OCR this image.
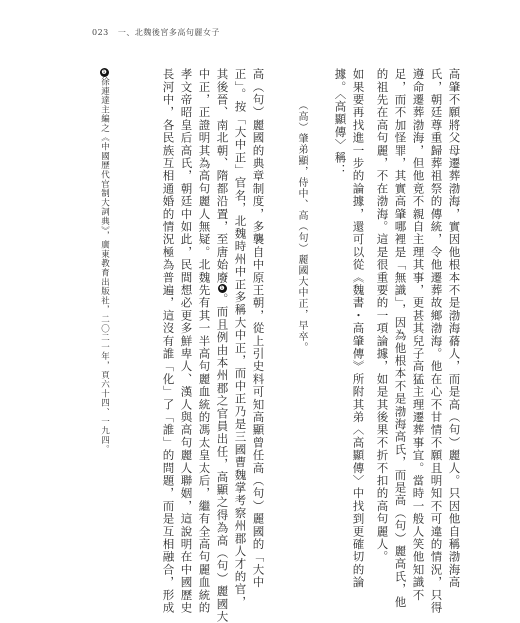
023 一、北魏後宮多高句麗女子
高肇不願將父母遷葬渤海，實因他根本不是渤海蓨人，而是高（句）麗人。只因他自稱渤海高
氏，朝廷尊重歸葬祖祭的傳統，令他遷葬故鄉渤海。他在心不甘情不願且明知不可違的情況，只得
遵命遷葬渤海，但他竟不親自主理其事，更甚其兒子高猛主理遷葬事宜。當時一般人笑他知識不
足，而不加怪罪，其實高肇哪裡是「無識」，因為他根本不是渤海高氏，而是高（句）麗高氏，他
的祖先在高句麗，不在渤海。這是很重要的一項論據，如是其後果不折不扣的高句麗人。
如果要再找進一步的論據，還可以從《魏書・高肇傳》所附其弟〈高顯傳〉中找到更確切的論
據。〈高顯傳〉稱：
（高）肇弟顯，侍中、高（句）麗國大中正，早卒。
高（句）麗國的典章制度，多襲自中原王朝，從上引史料可知高顯曾任高（句）麗國的「大中
正」。按「大中正」官名，北魏時州中正多稱大中正，而中正乃是三國曹魏掌考察州郡人才的官，
其後晉、南北朝、隋都沿置，至唐始廢❶。而且例由本州郡之官員出任，高顯之得為高（句）麗國大
中正，正證明其為高句麗人無疑。北魏先有其一半高句麗血統的馮太皇太后，繼有全高句麗血統的
孝文帝昭皇后高氏，朝廷中如此，民間想必更多鮮卑人、漢人與高句麗人聯姻，這說明在中國歷史
長河中，各民族互相通婚的情況極為普遍，這沒有誰「化」了「誰」的問題，而是互相融合，形成
❶徐連達主編之《中國歷代官制大詞典》，廣東教育出版社，二〇二一年，頁六十四、一九四。
